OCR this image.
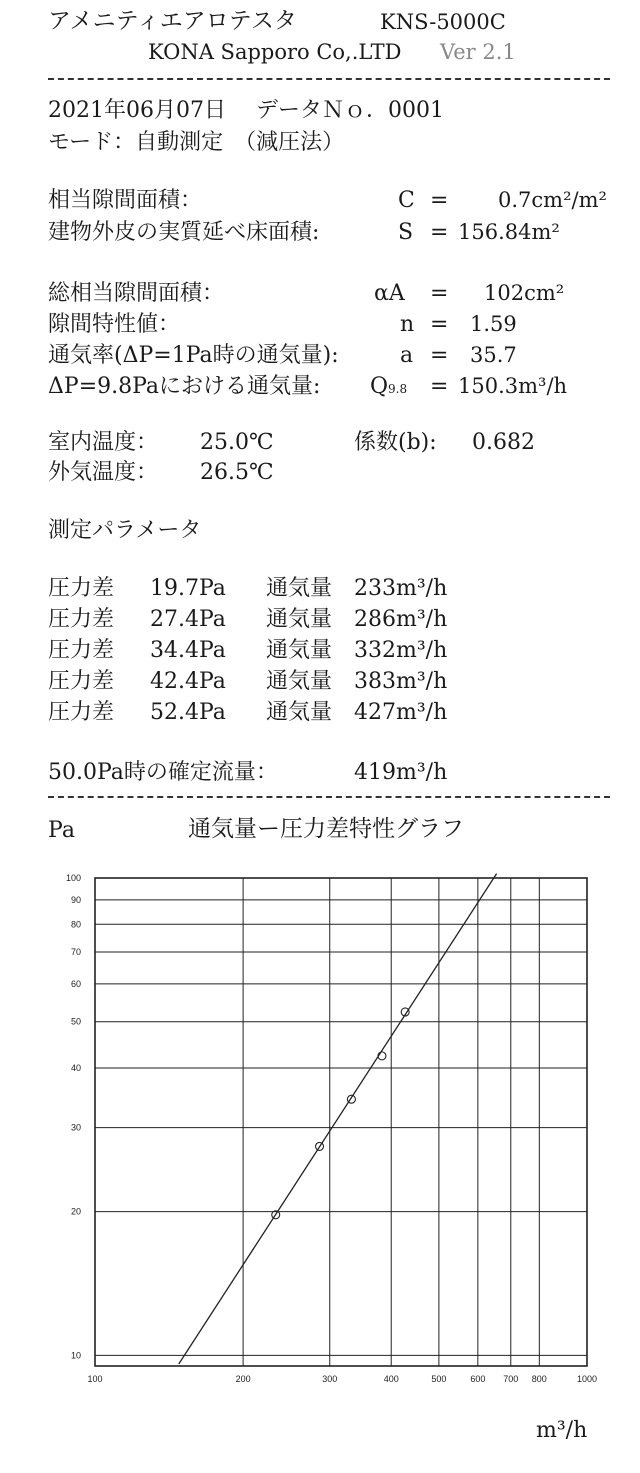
アメニティエアロテスタ	KNS-5000C
KONA Sapporo Co,.LTD Ver 2.1
2021年06月07日 データＮｏ．0001
モード：自動測定　（減圧法）
相当隙間面積：	C = 0.7cm²/m²
建物外皮の実質延べ床面積:	S = 156.84m²
総相当隙間面積：	αA = 102cm²
隙間特性値：	n = 1.59
通気率(ΔP=1Pa時の通気量):	a = 35.7
ΔP=9.8Paにおける通気量: Q9.8 = 150.3m³/h
室内温度： 25.0℃	係数(b): 0.682
外気温度： 26.5℃
測定パラメータ
圧力差 19.7Pa 通気量 233m³/h
圧力差 27.4Pa 通気量 286m³/h
圧力差 34.4Pa 通気量 332m³/h
圧力差 42.4Pa 通気量 383m³/h
圧力差 52.4Pa 通気量 427m³/h
50.0Pa時の確定流量：	419m³/h
Pa	通気量ー圧力差特性グラフ
100	200	300	400	500	600 700 800	1000
100
90
80
70
60
50
40
30
20
10
m³/h
